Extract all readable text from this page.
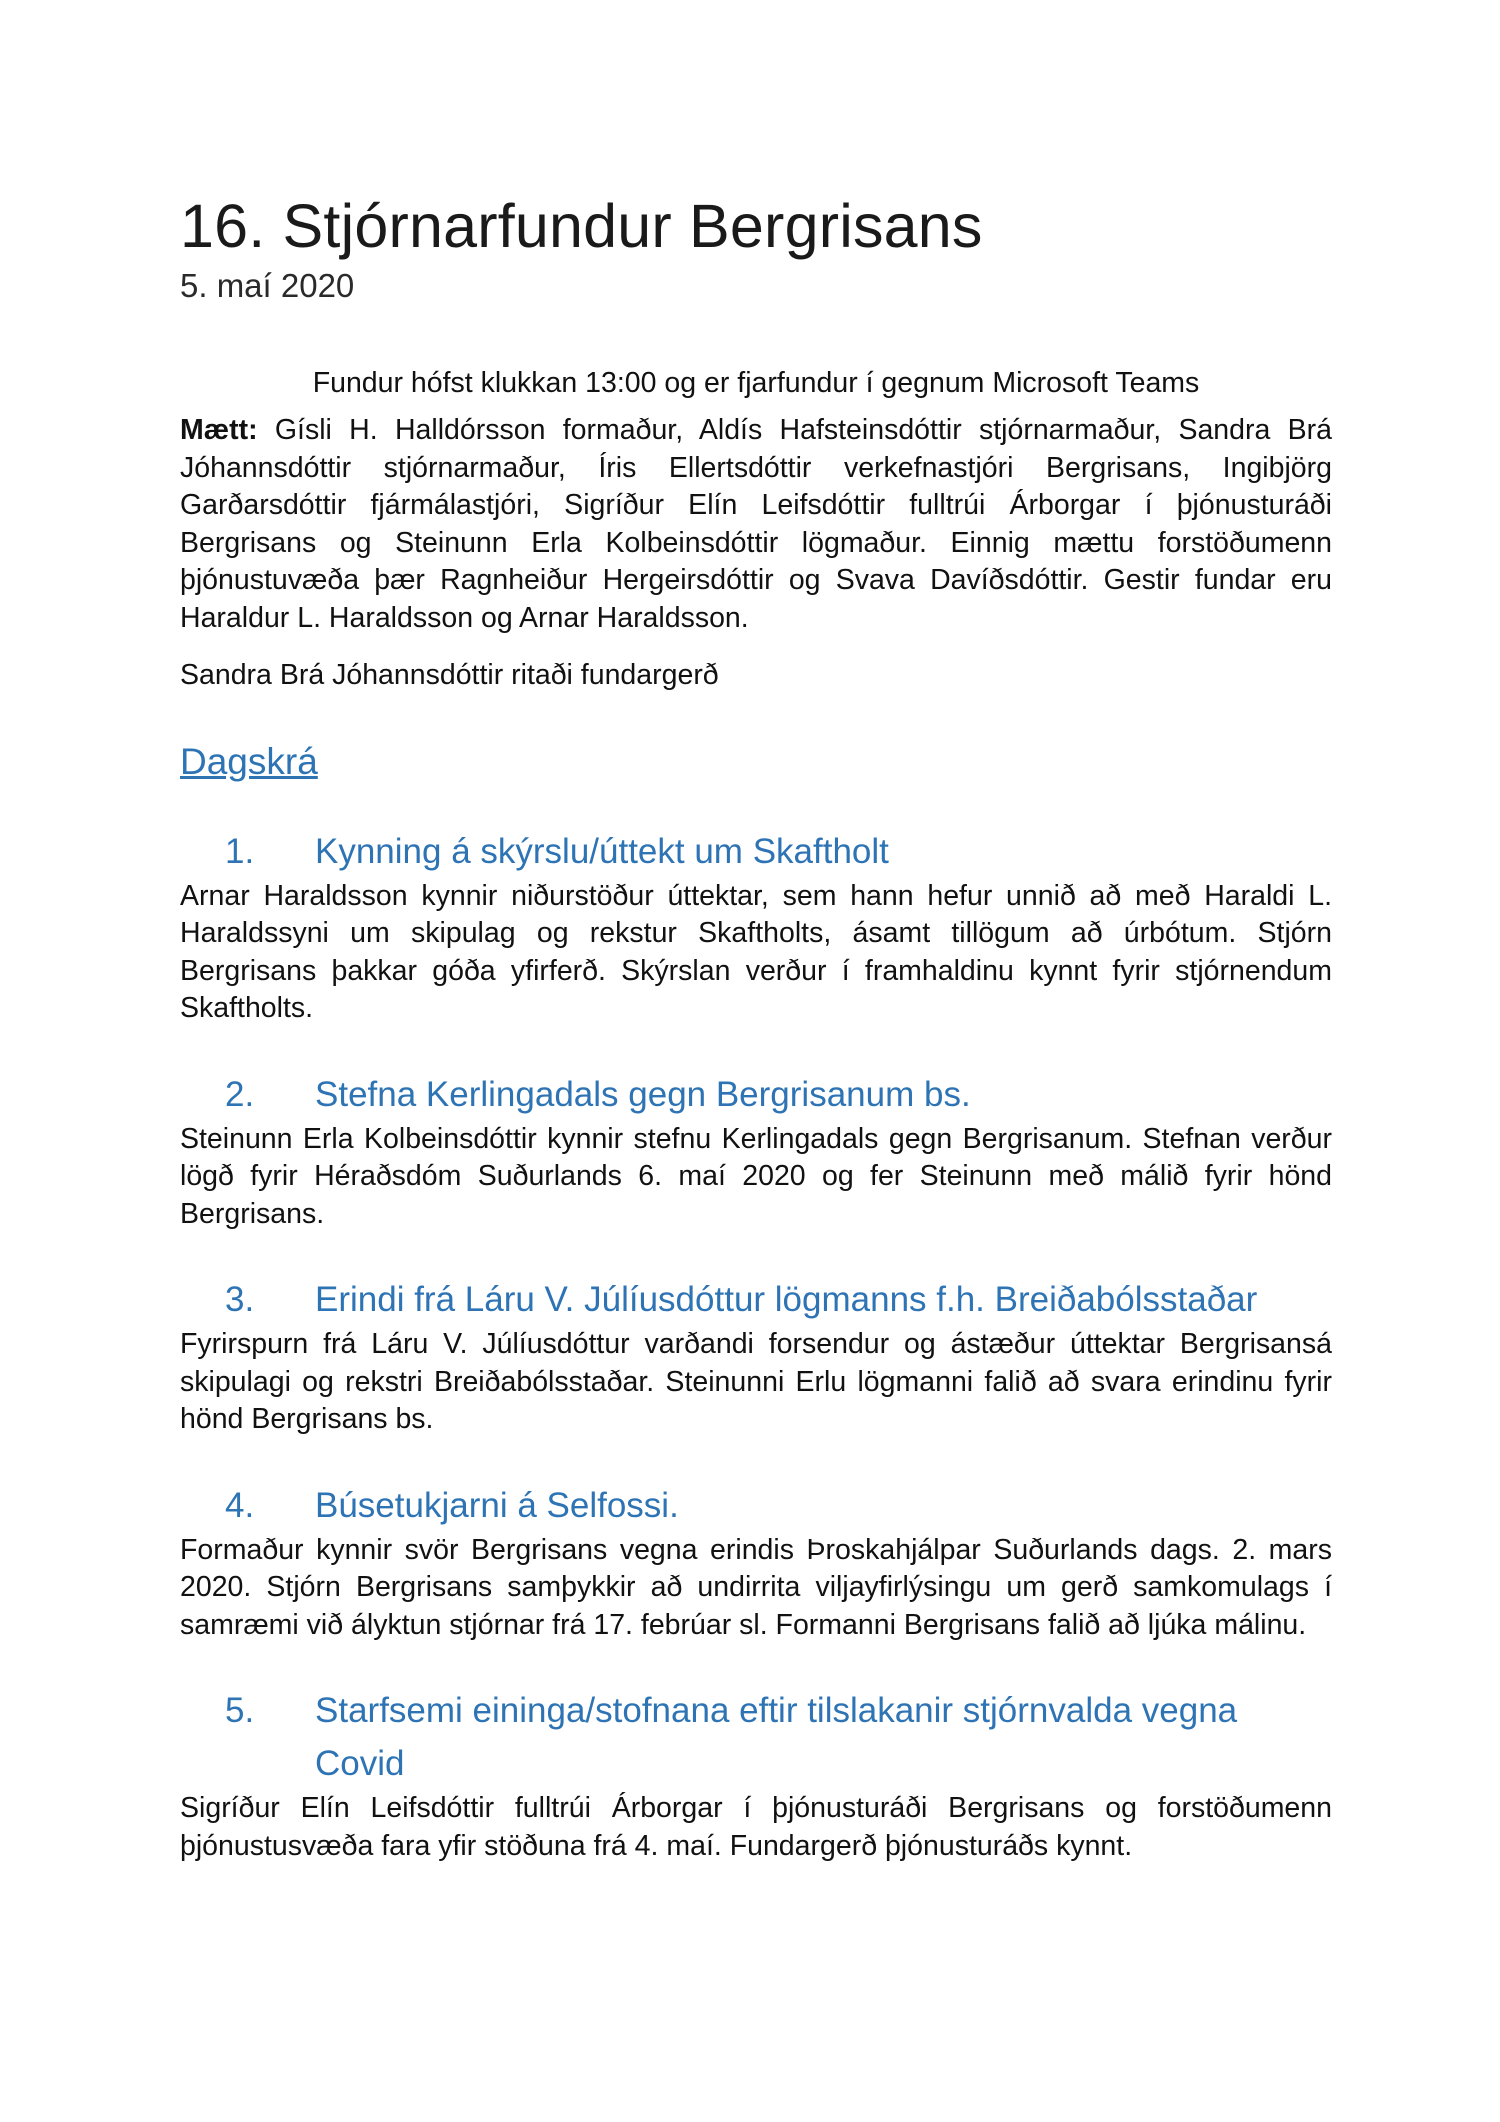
16. Stjórnarfundur Bergrisans
5. maí 2020
Fundur hófst klukkan 13:00 og er fjarfundur í gegnum Microsoft Teams

Mætt: Gísli H. Halldórsson formaður, Aldís Hafsteinsdóttir stjórnarmaður, Sandra Brá Jóhannsdóttir stjórnarmaður, Íris Ellertsdóttir verkefnastjóri Bergrisans, Ingibjörg Garðarsdóttir fjármálastjóri, Sigríður Elín Leifsdóttir fulltrúi Árborgar í þjónusturáði Bergrisans og Steinunn Erla Kolbeinsdóttir lögmaður. Einnig mættu forstöðumenn þjónustuvæða þær Ragnheiður Hergeirsdóttir og Svava Davíðsdóttir. Gestir fundar eru Haraldur L. Haraldsson og Arnar Haraldsson.

Sandra Brá Jóhannsdóttir ritaði fundargerð

Dagskrá
1.	Kynning á skýrslu/úttekt um Skaftholt

Arnar Haraldsson kynnir niðurstöður úttektar, sem hann hefur unnið að með Haraldi L. Haraldssyni um skipulag og rekstur Skaftholts, ásamt tillögum að úrbótum. Stjórn Bergrisans þakkar góða yfirferð. Skýrslan verður í framhaldinu kynnt fyrir stjórnendum Skaftholts.

2.	Stefna Kerlingadals gegn Bergrisanum bs.

Steinunn Erla Kolbeinsdóttir kynnir stefnu Kerlingadals gegn Bergrisanum. Stefnan verður lögð fyrir Héraðsdóm Suðurlands 6. maí 2020 og fer Steinunn með málið fyrir hönd Bergrisans.

3.	Erindi frá Láru V. Júlíusdóttur lögmanns f.h. Breiðabólsstaðar

Fyrirspurn frá Láru V. Júlíusdóttur varðandi forsendur og ástæður úttektar Bergrisansá skipulagi og rekstri Breiðabólsstaðar. Steinunni Erlu lögmanni falið að svara erindinu fyrir hönd Bergrisans bs.

4.	Búsetukjarni á Selfossi.

Formaður kynnir svör Bergrisans vegna erindis Þroskahjálpar Suðurlands dags. 2. mars 2020. Stjórn Bergrisans samþykkir að undirrita viljayfirlýsingu um gerð samkomulags í samræmi við ályktun stjórnar frá 17. febrúar sl. Formanni Bergrisans falið að ljúka málinu.

5.	Starfsemi eininga/stofnana eftir tilslakanir stjórnvalda vegna Covid

Sigríður Elín Leifsdóttir fulltrúi Árborgar í þjónusturáði Bergrisans og forstöðumenn þjónustusvæða fara yfir stöðuna frá 4. maí. Fundargerð þjónusturáðs kynnt.
